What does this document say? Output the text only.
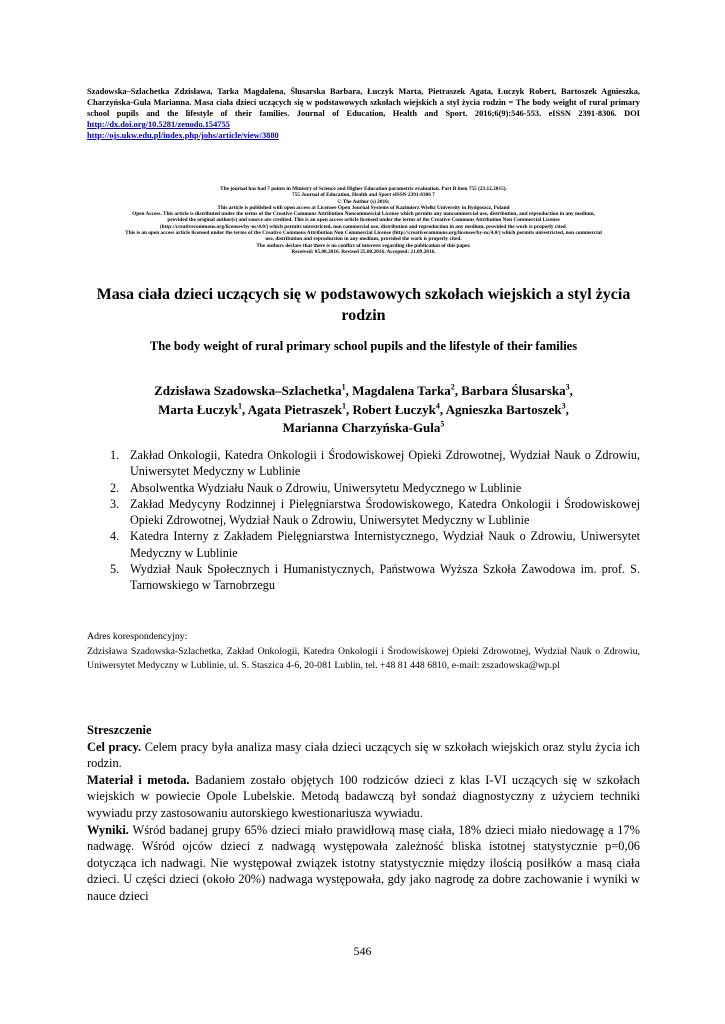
Szadowska–Szlachetka Zdzisława, Tarka Magdalena, Ślusarska Barbara, Łuczyk Marta, Pietraszek Agata, Łuczyk Robert, Bartoszek Agnieszka, Charzyńska-Gula Marianna. Masa ciała dzieci uczących się w podstawowych szkołach wiejskich a styl życia rodzin = The body weight of rural primary school pupils and the lifestyle of their families. Journal of Education, Health and Sport. 2016;6(9):546-553. eISSN 2391-8306. DOI http://dx.doi.org/10.5281/zenodo.154755
http://ojs.ukw.edu.pl/index.php/johs/article/view/3880
The journal has had 7 points in Ministry of Science and Higher Education parametric evaluation. Part B item 755 (23.12.2015).
755 Journal of Education, Health and Sport eISSN 2391-8306 7
© The Author (s) 2016;
This article is published with open access at Licensee Open Journal Systems of Kazimierz Wielki University in Bydgoszcz, Poland
Open Access. This article is distributed under the terms of the Creative Commons Attribution Noncommercial License which permits any noncommercial use, distribution, and reproduction in any medium,
provided the original author(s) and source are credited. This is an open access article licensed under the terms of the Creative Commons Attribution Non Commercial License
(http://creativecommons.org/licenses/by-nc/4.0/) which permits unrestricted, non commercial use, distribution and reproduction in any medium, provided the work is properly cited.
This is an open access article licensed under the terms of the Creative Commons Attribution Non Commercial License (http://creativecommons.org/licenses/by-nc/4.0/) which permits unrestricted, non commercial
use, distribution and reproduction in any medium, provided the work is properly cited.
The authors declare that there is no conflict of interests regarding the publication of this paper.
Received: 05.08.2016. Revised 25.08.2016. Accepted: 21.09.2016.
Masa ciała dzieci uczących się w podstawowych szkołach wiejskich a styl życia rodzin
The body weight of rural primary school pupils and the lifestyle of their families
Zdzisława Szadowska–Szlachetka$^1$, Magdalena Tarka$^2$, Barbara Ślusarska$^3$,
Marta Łuczyk$^1$, Agata Pietraszek$^1$, Robert Łuczyk$^4$, Agnieszka Bartoszek$^3$,
Marianna Charzyńska-Gula$^5$
1. Zakład Onkologii, Katedra Onkologii i Środowiskowej Opieki Zdrowotnej, Wydział Nauk o Zdrowiu, Uniwersytet Medyczny w Lublinie
2. Absolwentka Wydziału Nauk o Zdrowiu, Uniwersytetu Medycznego w Lublinie
3. Zakład Medycyny Rodzinnej i Pielęgniarstwa Środowiskowego, Katedra Onkologii i Środowiskowej Opieki Zdrowotnej, Wydział Nauk o Zdrowiu, Uniwersytet Medyczny w Lublinie
4. Katedra Interny z Zakładem Pielęgniarstwa Internistycznego, Wydział Nauk o Zdrowiu, Uniwersytet Medyczny w Lublinie
5. Wydział Nauk Społecznych i Humanistycznych, Państwowa Wyższa Szkoła Zawodowa im. prof. S. Tarnowskiego w Tarnobrzegu
Adres korespondencyjny:
Zdzisława Szadowska-Szlachetka, Zakład Onkologii, Katedra Onkologii i Środowiskowej Opieki Zdrowotnej, Wydział Nauk o Zdrowiu, Uniwersytet Medyczny w Lublinie, ul. S. Staszica 4-6, 20-081 Lublin, tel. +48 81 448 6810, e-mail: zszadowska@wp.pl

Streszczenie

Cel pracy. Celem pracy była analiza masy ciała dzieci uczących się w szkołach wiejskich oraz stylu życia ich rodzin.

Materiał i metoda. Badaniem zostało objętych 100 rodziców dzieci z klas I-VI uczących się w szkołach wiejskich w powiecie Opole Lubelskie. Metodą badawczą był sondaż diagnostyczny z użyciem techniki wywiadu przy zastosowaniu autorskiego kwestionariusza wywiadu.

Wyniki. Wśród badanej grupy 65% dzieci miało prawidłową masę ciała, 18% dzieci miało niedowagę a 17% nadwagę. Wśród ojców dzieci z nadwagą występowała zależność bliska istotnej statystycznie p=0,06 dotycząca ich nadwagi. Nie występował związek istotny statystycznie między ilością posiłków a masą ciała dzieci. U części dzieci (około 20%) nadwaga występowała, gdy jako nagrodę za dobre zachowanie i wyniki w nauce dzieci

546
